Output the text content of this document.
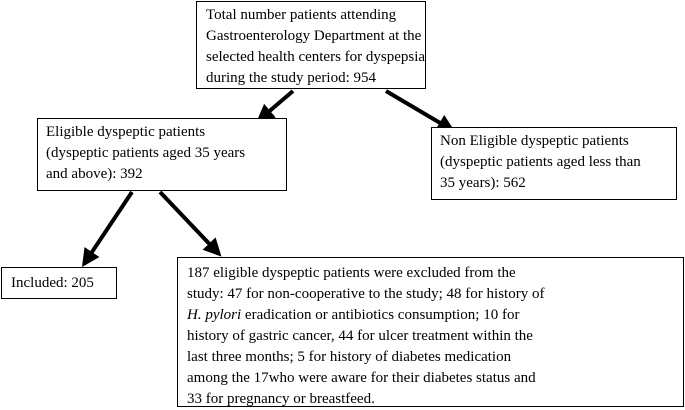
Total number patients attending
Gastroenterology Department at the
selected health centers for dyspepsia
during the study period: 954
Eligible dyspeptic patients
(dyspeptic patients aged 35 years
and above): 392
Non Eligible dyspeptic patients
(dyspeptic patients aged less than
35 years): 562
Included: 205
187 eligible dyspeptic patients were excluded from the
study: 47 for non-cooperative to the study; 48 for history of
H. pylori eradication or antibiotics consumption; 10 for
history of gastric cancer, 44 for ulcer treatment within the
last three months; 5 for history of diabetes medication
among the 17who were aware for their diabetes status and
33 for pregnancy or breastfeed.
